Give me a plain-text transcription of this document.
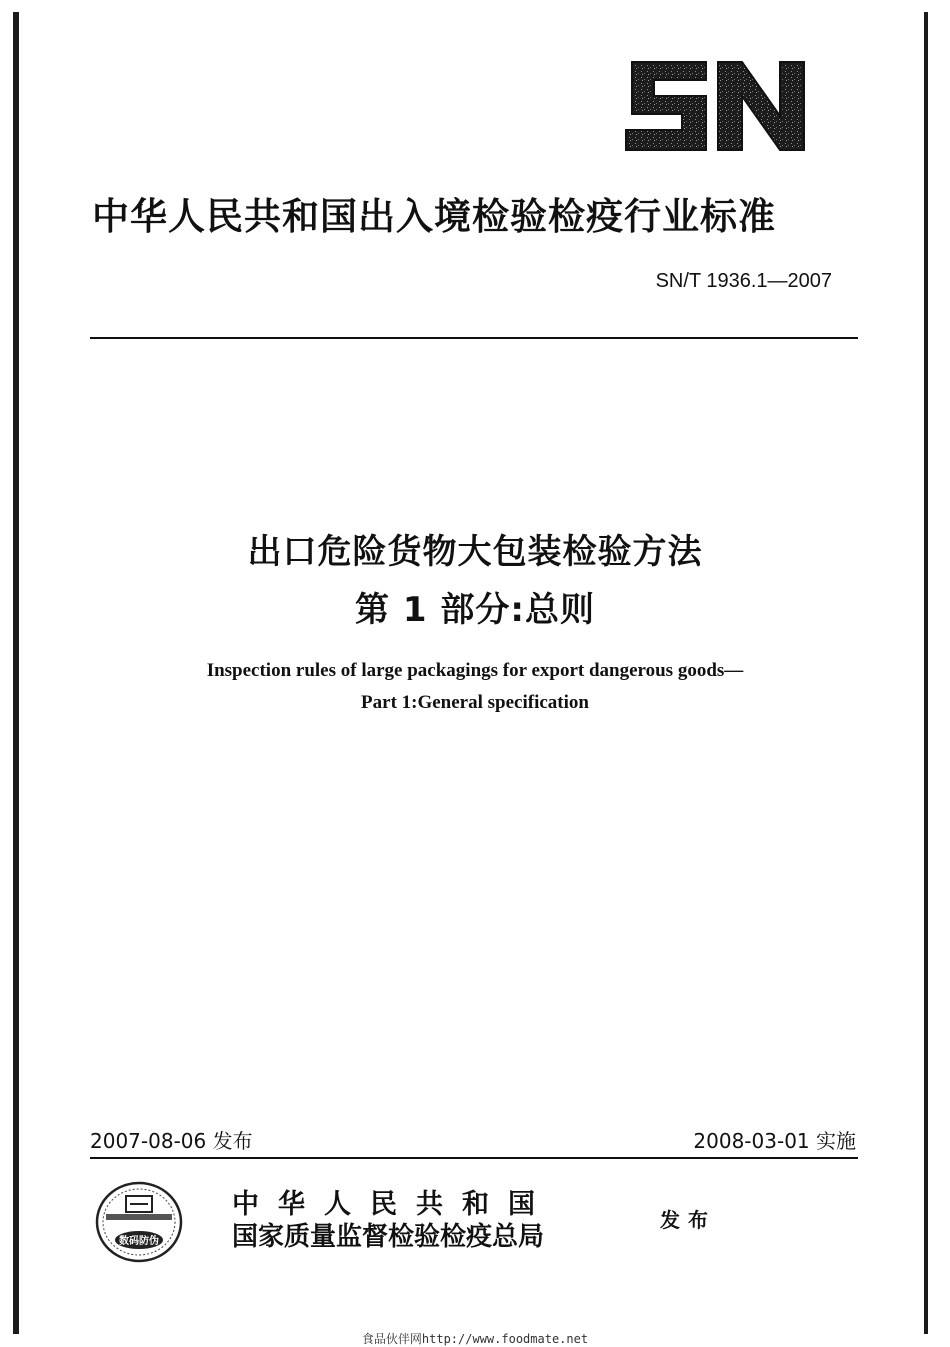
中华人民共和国出入境检验检疫行业标准
SN/T 1936.1—2007
出口危险货物大包装检验方法
第 1 部分:总则
Inspection rules of large packagings for export dangerous goods—
Part 1:General specification
2007-08-06 发布	2008-03-01 实施
数码防伪
中华人民共和国
国家质量监督检验检疫总局
发布
食品伙伴网http://www.foodmate.net
